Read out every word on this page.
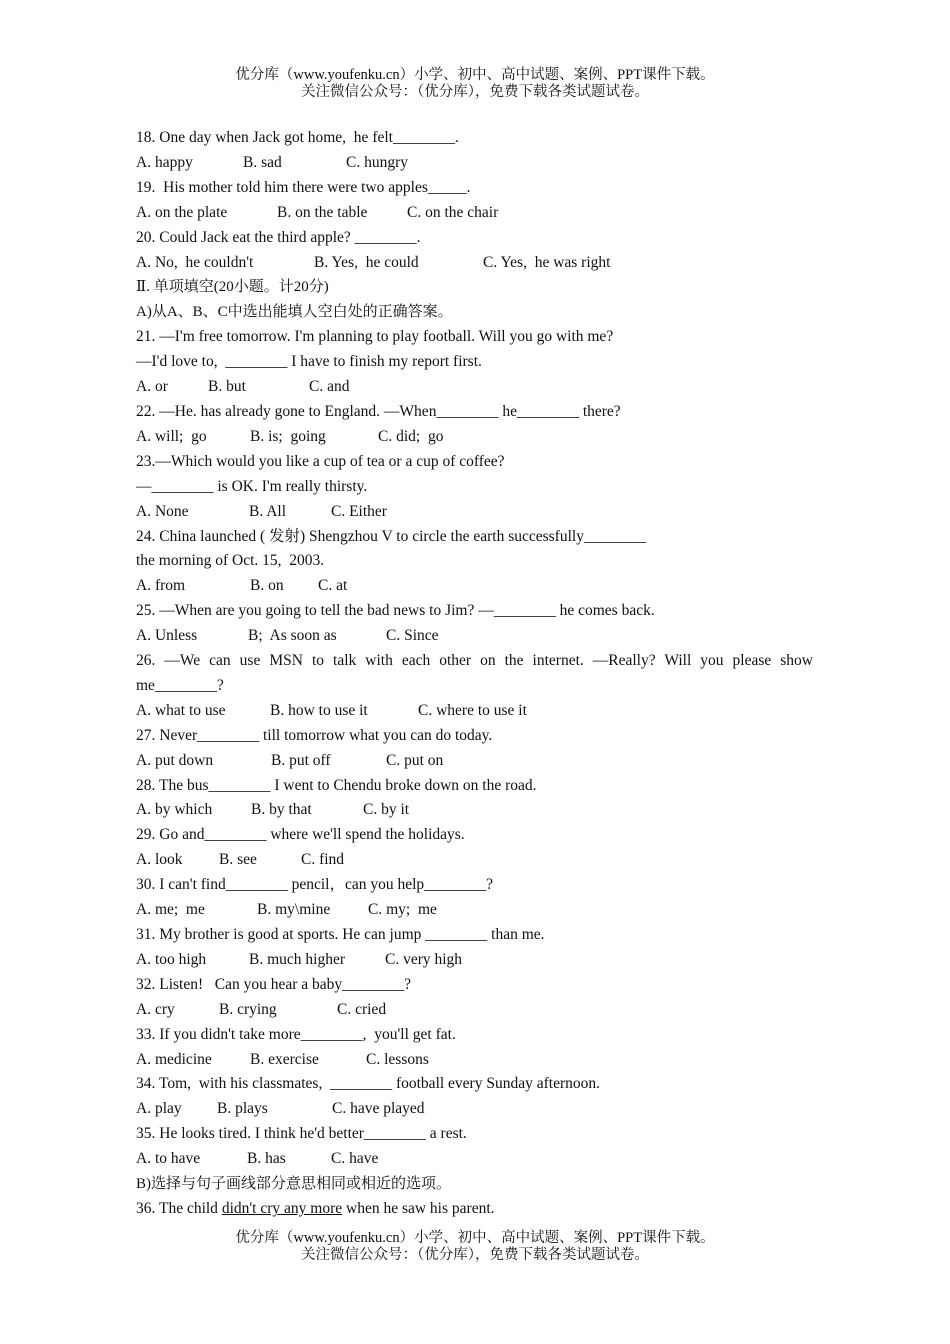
优分库（www.youfenku.cn）小学、初中、高中试题、案例、PPT课件下载。
关注微信公众号：（优分库），免费下载各类试题试卷。
18. One day when Jack got home,  he felt________.
A. happy	B. sad	C. hungry
19.  His mother told him there were two apples_____.
A. on the plate	B. on the table	C. on the chair
20. Could Jack eat the third apple? ________.
A. No,  he couldn't	B. Yes,  he could	C. Yes,  he was right
Ⅱ. 单项填空(20小题。计20分)
A)从A、B、C中选出能填人空白处的正确答案。
21. —I'm free tomorrow. I'm planning to play football. Will you go with me?
—I'd love to,  ________ I have to finish my report first.
A. or	B. but	C. and
22. —He. has already gone to England. —When________ he________ there?
A. will;  go	B. is;  going	C. did;  go
23.—Which would you like a cup of tea or a cup of coffee?
—________ is OK. I'm really thirsty.
A. None	B. All	C. Either
24. China launched ( 发射) Shengzhou V to circle the earth successfully________
the morning of Oct. 15,  2003.
A. from	B. on C. at
25. —When are you going to tell the bad news to Jim? —________ he comes back.
A. Unless	B;  As soon as	C. Since
26. —We can use MSN to talk with each other on the internet. —Really? Will you please show
me________?
A. what to use	B. how to use it	C. where to use it
27. Never________ till tomorrow what you can do today.
A. put down	B. put off	C. put on
28. The bus________ I went to Chendu broke down on the road.
A. by which	B. by that	C. by it
29. Go and________ where we'll spend the holidays.
A. look B. see	C. find
30. I can't find________ pencil，can you help________?
A. me;  me	B. my\mine C. my;  me
31. My brother is good at sports. He can jump ________ than me.
A. too high	B. much higher	C. very high
32. Listen!   Can you hear a baby________?
A. cry	B. crying	C. cried
33. If you didn't take more________,  you'll get fat.
A. medicine B. exercise	C. lessons
34. Tom,  with his classmates,  ________ football every Sunday afternoon.
A. play B. plays	C. have played
35. He looks tired. I think he'd better________ a rest.
A. to have	B. has	C. have
B)选择与句子画线部分意思相同或相近的选项。
36. The child didn't cry any more when he saw his parent.
优分库（www.youfenku.cn）小学、初中、高中试题、案例、PPT课件下载。
关注微信公众号：（优分库），免费下载各类试题试卷。
